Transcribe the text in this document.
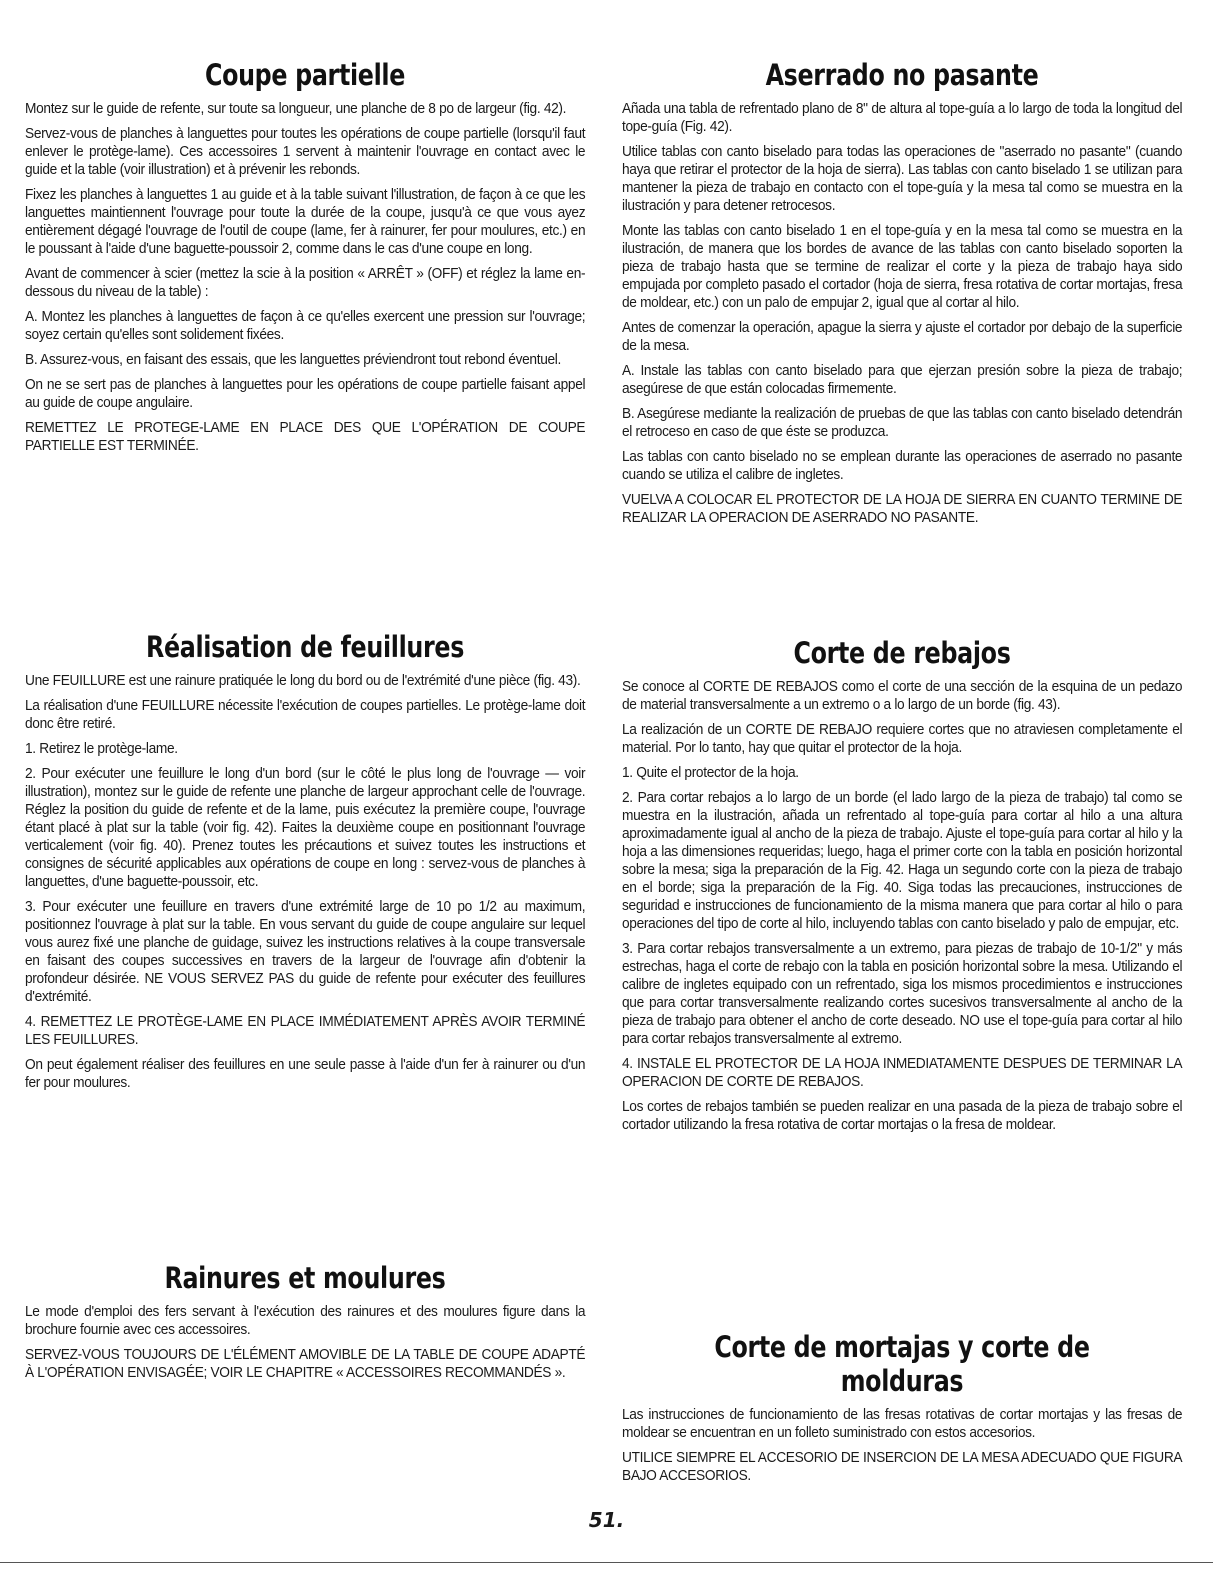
Coupe partielle

Montez sur le guide de refente, sur toute sa longueur, une planche de 8 po de largeur (fig. 42).

Servez-vous de planches à languettes pour toutes les opérations de coupe partielle (lorsqu'il faut enlever le protège-lame). Ces accessoires 1 servent à maintenir l'ouvrage en contact avec le guide et la table (voir illustration) et à prévenir les rebonds.

Fixez les planches à languettes 1 au guide et à la table suivant l'illustration, de façon à ce que les languettes maintiennent l'ouvrage pour toute la durée de la coupe, jusqu'à ce que vous ayez entièrement dégagé l'ouvrage de l'outil de coupe (lame, fer à rainurer, fer pour moulures, etc.) en le poussant à l'aide d'une baguette-poussoir 2, comme dans le cas d'une coupe en long.

Avant de commencer à scier (mettez la scie à la position « ARRÊT » (OFF) et réglez la lame en-dessous du niveau de la table) :

A. Montez les planches à languettes de façon à ce qu'elles exercent une pression sur l'ouvrage; soyez certain qu'elles sont solidement fixées.

B. Assurez-vous, en faisant des essais, que les languettes préviendront tout rebond éventuel.

On ne se sert pas de planches à languettes pour les opérations de coupe partielle faisant appel au guide de coupe angulaire.

REMETTEZ LE PROTEGE-LAME EN PLACE DES QUE L'OPÉRATION DE COUPE PARTIELLE EST TERMINÉE.

Réalisation de feuillures

Une FEUILLURE est une rainure pratiquée le long du bord ou de l'extrémité d'une pièce (fig. 43).

La réalisation d'une FEUILLURE nécessite l'exécution de coupes partielles. Le protège-lame doit donc être retiré.

1. Retirez le protège-lame.

2. Pour exécuter une feuillure le long d'un bord (sur le côté le plus long de l'ouvrage — voir illustration), montez sur le guide de refente une planche de largeur approchant celle de l'ouvrage. Réglez la position du guide de refente et de la lame, puis exécutez la première coupe, l'ouvrage étant placé à plat sur la table (voir fig. 42). Faites la deuxième coupe en positionnant l'ouvrage verticalement (voir fig. 40). Prenez toutes les précautions et suivez toutes les instructions et consignes de sécurité applicables aux opérations de coupe en long : servez-vous de planches à languettes, d'une baguette-poussoir, etc.

3. Pour exécuter une feuillure en travers d'une extrémité large de 10 po 1/2 au maximum, positionnez l'ouvrage à plat sur la table. En vous servant du guide de coupe angulaire sur lequel vous aurez fixé une planche de guidage, suivez les instructions relatives à la coupe transversale en faisant des coupes successives en travers de la largeur de l'ouvrage afin d'obtenir la profondeur désirée. NE VOUS SERVEZ PAS du guide de refente pour exécuter des feuillures d'extrémité.

4. REMETTEZ LE PROTÈGE-LAME EN PLACE IMMÉDIATEMENT APRÈS AVOIR TERMINÉ LES FEUILLURES.

On peut également réaliser des feuillures en une seule passe à l'aide d'un fer à rainurer ou d'un fer pour moulures.

Rainures et moulures

Le mode d'emploi des fers servant à l'exécution des rainures et des moulures figure dans la brochure fournie avec ces accessoires.

SERVEZ-VOUS TOUJOURS DE L'ÉLÉMENT AMOVIBLE DE LA TABLE DE COUPE ADAPTÉ À L'OPÉRATION ENVISAGÉE; VOIR LE CHAPITRE « ACCESSOIRES RECOMMANDÉS ».

Aserrado no pasante

Añada una tabla de refrentado plano de 8" de altura al tope-guía a lo largo de toda la longitud del tope-guía (Fig. 42).

Utilice tablas con canto biselado para todas las operaciones de "aserrado no pasante" (cuando haya que retirar el protector de la hoja de sierra). Las tablas con canto biselado 1 se utilizan para mantener la pieza de trabajo en contacto con el tope-guía y la mesa tal como se muestra en la ilustración y para detener retrocesos.

Monte las tablas con canto biselado 1 en el tope-guía y en la mesa tal como se muestra en la ilustración, de manera que los bordes de avance de las tablas con canto biselado soporten la pieza de trabajo hasta que se termine de realizar el corte y la pieza de trabajo haya sido empujada por completo pasado el cortador (hoja de sierra, fresa rotativa de cortar mortajas, fresa de moldear, etc.) con un palo de empujar 2, igual que al cortar al hilo.

Antes de comenzar la operación, apague la sierra y ajuste el cortador por debajo de la superficie de la mesa.

A. Instale las tablas con canto biselado para que ejerzan presión sobre la pieza de trabajo; asegúrese de que están colocadas firmemente.

B. Asegúrese mediante la realización de pruebas de que las tablas con canto biselado detendrán el retroceso en caso de que éste se produzca.

Las tablas con canto biselado no se emplean durante las operaciones de aserrado no pasante cuando se utiliza el calibre de ingletes.

VUELVA A COLOCAR EL PROTECTOR DE LA HOJA DE SIERRA EN CUANTO TERMINE DE REALIZAR LA OPERACION DE ASERRADO NO PASANTE.

Corte de rebajos

Se conoce al CORTE DE REBAJOS como el corte de una sección de la esquina de un pedazo de material transversalmente a un extremo o a lo largo de un borde (fig. 43).

La realización de un CORTE DE REBAJO requiere cortes que no atraviesen completamente el material. Por lo tanto, hay que quitar el protector de la hoja.

1. Quite el protector de la hoja.

2. Para cortar rebajos a lo largo de un borde (el lado largo de la pieza de trabajo) tal como se muestra en la ilustración, añada un refrentado al tope-guía para cortar al hilo a una altura aproximadamente igual al ancho de la pieza de trabajo. Ajuste el tope-guía para cortar al hilo y la hoja a las dimensiones requeridas; luego, haga el primer corte con la tabla en posición horizontal sobre la mesa; siga la preparación de la Fig. 42. Haga un segundo corte con la pieza de trabajo en el borde; siga la preparación de la Fig. 40. Siga todas las precauciones, instrucciones de seguridad e instrucciones de funcionamiento de la misma manera que para cortar al hilo o para operaciones del tipo de corte al hilo, incluyendo tablas con canto biselado y palo de empujar, etc.

3. Para cortar rebajos transversalmente a un extremo, para piezas de trabajo de 10-1/2" y más estrechas, haga el corte de rebajo con la tabla en posición horizontal sobre la mesa. Utilizando el calibre de ingletes equipado con un refrentado, siga los mismos procedimientos e instrucciones que para cortar transversalmente realizando cortes sucesivos transversalmente al ancho de la pieza de trabajo para obtener el ancho de corte deseado. NO use el tope-guía para cortar al hilo para cortar rebajos transversalmente al extremo.

4. INSTALE EL PROTECTOR DE LA HOJA INMEDIATAMENTE DESPUES DE TERMINAR LA OPERACION DE CORTE DE REBAJOS.

Los cortes de rebajos también se pueden realizar en una pasada de la pieza de trabajo sobre el cortador utilizando la fresa rotativa de cortar mortajas o la fresa de moldear.

Corte de mortajas y corte de molduras

Las instrucciones de funcionamiento de las fresas rotativas de cortar mortajas y las fresas de moldear se encuentran en un folleto suministrado con estos accesorios.

UTILICE SIEMPRE EL ACCESORIO DE INSERCION DE LA MESA ADECUADO QUE FIGURA BAJO ACCESORIOS.

51.
